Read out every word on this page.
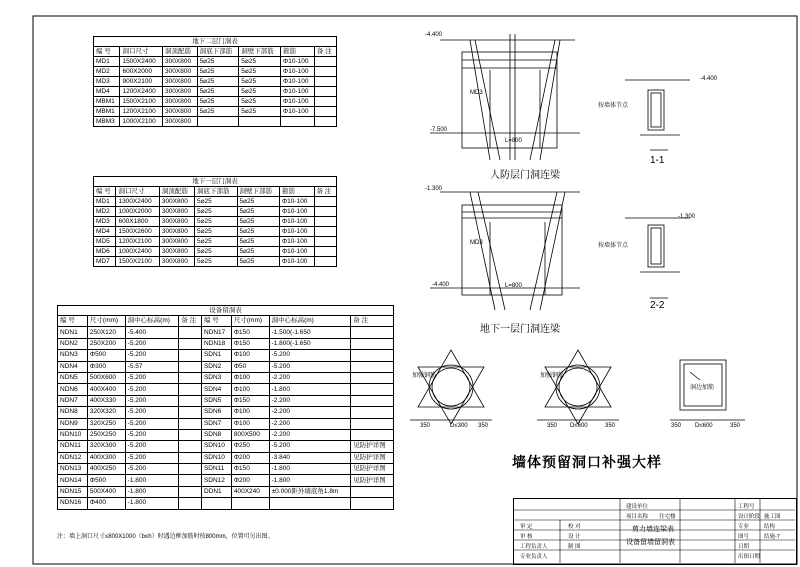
地下二层门洞表
编 号	洞口尺寸	洞顶配筋	洞底下部筋	洞壁下部筋	箍筋	备 注
MD1	1500X2400	300X800	5⌀25	5⌀25	Φ10-100	
MD2	600X2000	300X800	5⌀25	5⌀25	Φ10-100	
MD3	900X2100	300X800	5⌀25	5⌀25	Φ10-100	
MD4	1200X2400	300X800	5⌀25	5⌀25	Φ10-100	
MBM1	1500X2100	300X800	5⌀25	5⌀25	Φ10-100	
MBM1	1200X2100	300X800	5⌀25	5⌀25	Φ10-100	
MBM3	1000X2100	300X800				
地下一层门洞表
编 号	洞口尺寸	洞顶配筋	洞底下部筋	洞壁下部筋	箍筋	备 注
MD1	1300X2400	300X800	5⌀25	5⌀25	Φ10-100	
MD2	1000X2000	300X800	5⌀25	5⌀25	Φ10-100	
MD3	600X1800	300X800	5⌀25	5⌀25	Φ10-100	
MD4	1500X2600	300X800	5⌀25	5⌀25	Φ10-100	
MD5	1200X2100	300X800	5⌀25	5⌀25	Φ10-100	
MD6	1000X2400	300X800	5⌀25	5⌀25	Φ10-100	
MD7	1500X2100	300X800	5⌀25	5⌀25	Φ10-100	
设备留洞表
编 号	尺寸(mm)	洞中心标高(m)	备 注	编 号	尺寸(mm)	洞中心标高(m)	备 注
NDN1	250X120	-5.400		NDN17	Φ150	-1.500(-1.650	
NDN2	250X200	-5.200		NDN18	Φ150	-1.800(-1.650	
NDN3	Φ500	-5.200		SDN1	Φ100	-5.200	
NDN4	Φ300	-5.57		SDN2	Φ50	-5.200	
NDN5	500X600	-5.200		SDN3	Φ100	-2.200	
NDN6	400X400	-5.200		SDN4	Φ100	-1.800	
NDN7	400X330	-5.200		SDN5	Φ150	-2.200	
NDN8	320X320	-5.200		SDN6	Φ100	-2.200	
NDN9	320X250	-5.200		SDN7	Φ100	-2.200	
NDN10	250X250	-5.200		SDN8	800X500	-2.200	
NDN11	320X300	-5.200		SDN10	Φ250	-5.200	见防护详图
NDN12	400X300	-5.200		SDN10	Φ200	-3.840	见防护详图
NDN13	400X250	-5.200		SDN11	Φ150	-1.800	见防护详图
NDN14	Φ500	-1.800		SDN12	Φ200	-1.800	见防护详图
NDN15	500X400	-1.800		DDN1	400X240	±0.000距外墙底角1.8m	
NDN16	Φ400	-1.800					
注：墙上洞口尺寸≤800X1000（b≤h）时遇边框加筋时按800mm，位置可另出图。
人防层门洞连梁
地下一层门洞连梁
1-1
2-2
-4.400
-7.500
-4.400
-1.300
-4.400
-1.300
L=800
L=800
MD3
MD3
按墙体节点
按墙体节点
加强钢筋	加强钢筋
洞边加筋
D≤300	D≤600	D≤600
350	350	350	350	350	350
墙体预留洞口补强大样
建设单位
项目名称 住宅楼
工程号
设计阶段 施工图
专业	结构
图号	结施-7
日期
出图日期
剪力墙连梁表
设备留墙留洞表
审 定
审 核
工程负责人
专业负责人
校 对
设 计
制 图
